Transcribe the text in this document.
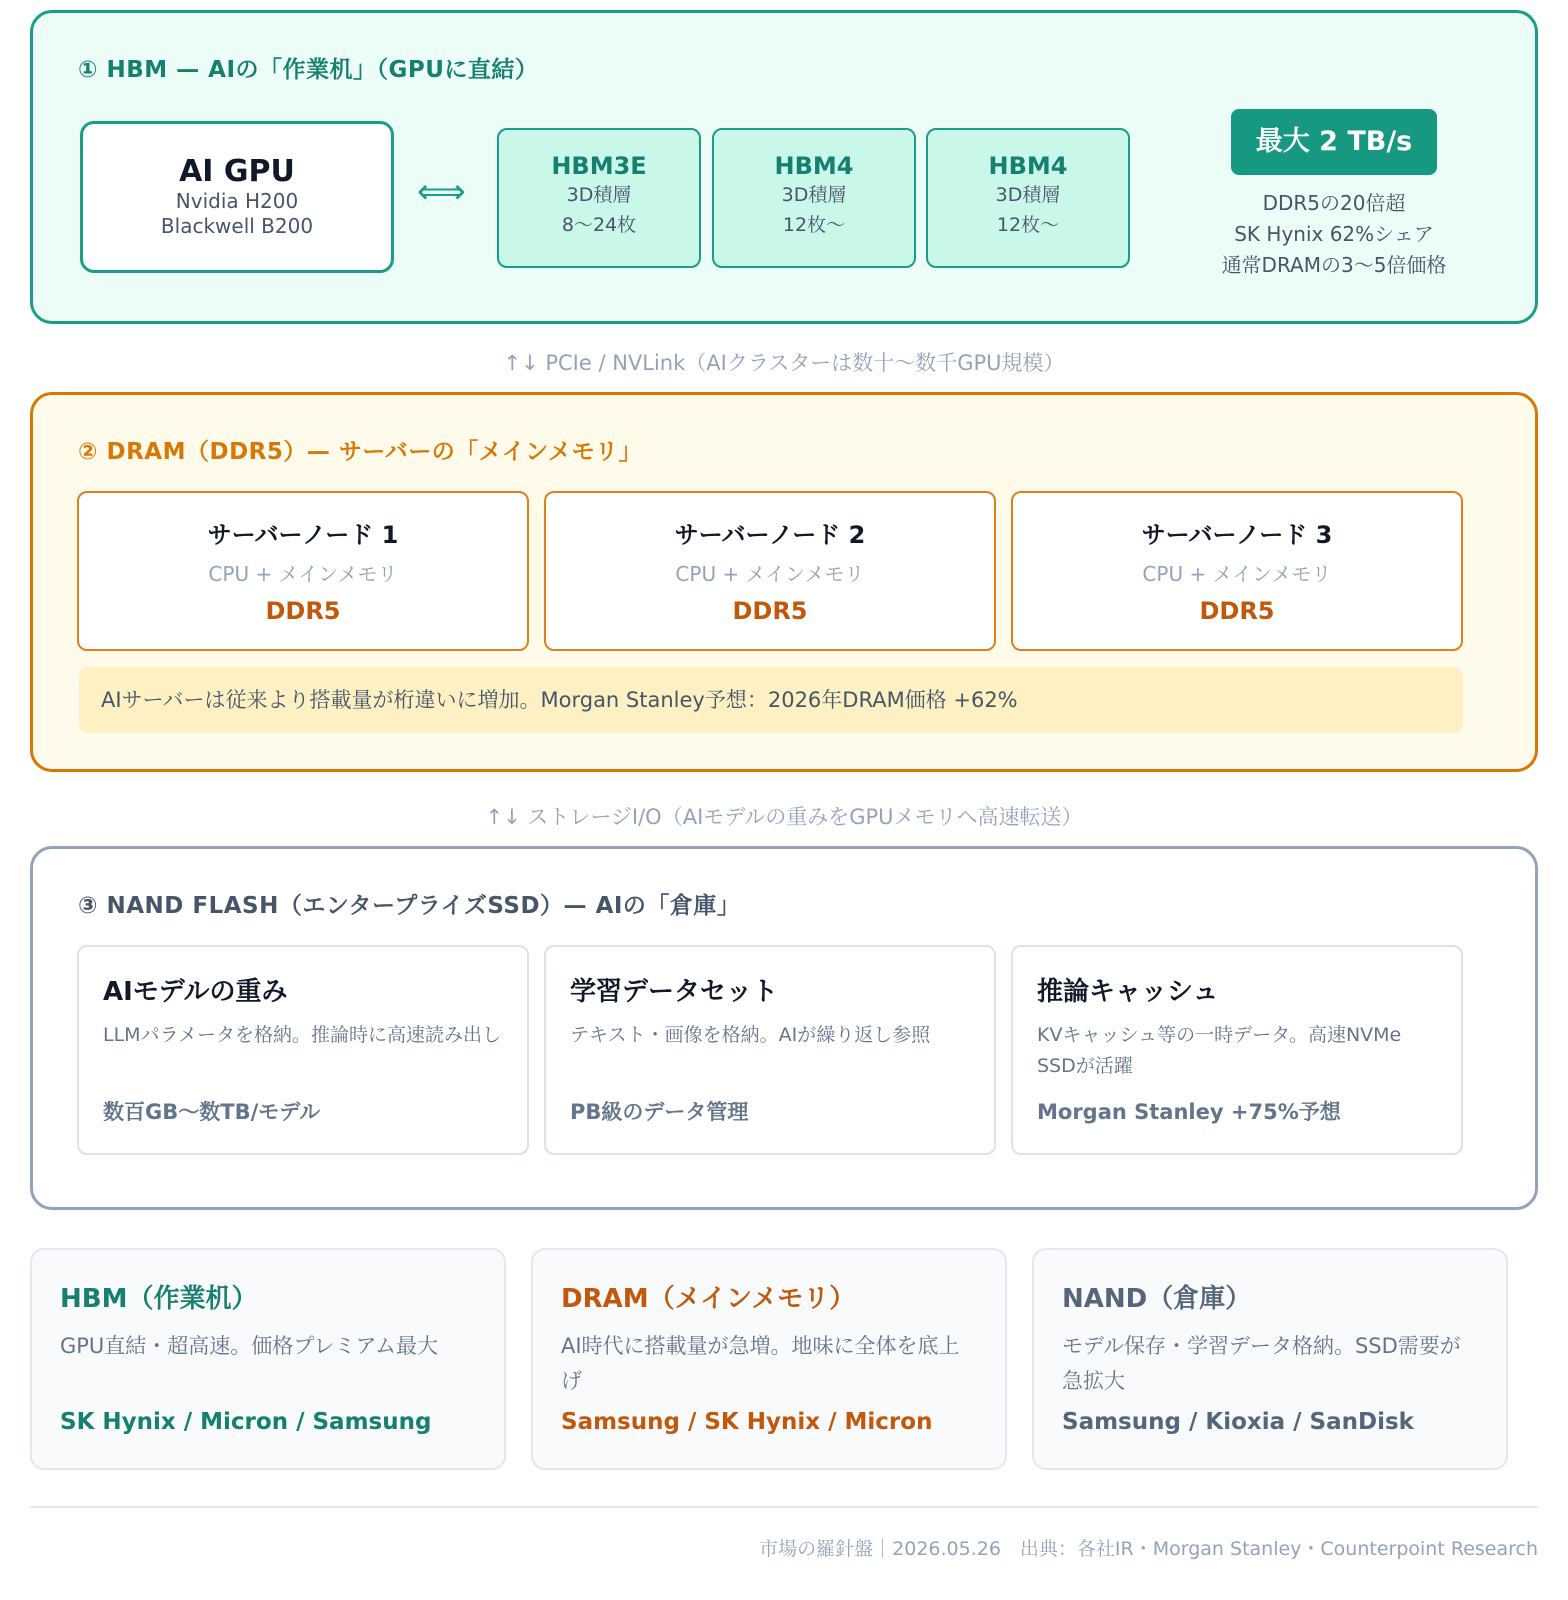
① HBM — AIの「作業机」（GPUに直結）
AI GPU
Nvidia H200
Blackwell B200
⟺
HBM3E
3D積層
8〜24枚
HBM4
3D積層
12枚〜
HBM4
3D積層
12枚〜
最大 2 TB/s
DDR5の20倍超
SK Hynix 62%シェア
通常DRAMの3〜5倍価格
↑↓ PCIe / NVLink（AIクラスターは数十〜数千GPU規模）
② DRAM（DDR5）— サーバーの「メインメモリ」
サーバーノード 1
CPU + メインメモリ
DDR5
サーバーノード 2
CPU + メインメモリ
DDR5
サーバーノード 3
CPU + メインメモリ
DDR5
AIサーバーは従来より搭載量が桁違いに増加。Morgan Stanley予想：2026年DRAM価格 +62%
↑↓ ストレージI/O（AIモデルの重みをGPUメモリへ高速転送）
③ NAND FLASH（エンタープライズSSD）— AIの「倉庫」
AIモデルの重み
LLMパラメータを格納。推論時に高速読み出し
数百GB〜数TB/モデル
学習データセット
テキスト・画像を格納。AIが繰り返し参照
PB級のデータ管理
推論キャッシュ
KVキャッシュ等の一時データ。高速NVMe SSDが活躍
Morgan Stanley +75%予想
HBM（作業机）
GPU直結・超高速。価格プレミアム最大
SK Hynix / Micron / Samsung
DRAM（メインメモリ）
AI時代に搭載量が急増。地味に全体を底上げ
Samsung / SK Hynix / Micron
NAND（倉庫）
モデル保存・学習データ格納。SSD需要が急拡大
Samsung / Kioxia / SanDisk
市場の羅針盤｜2026.05.26　出典：各社IR・Morgan Stanley・Counterpoint Research
